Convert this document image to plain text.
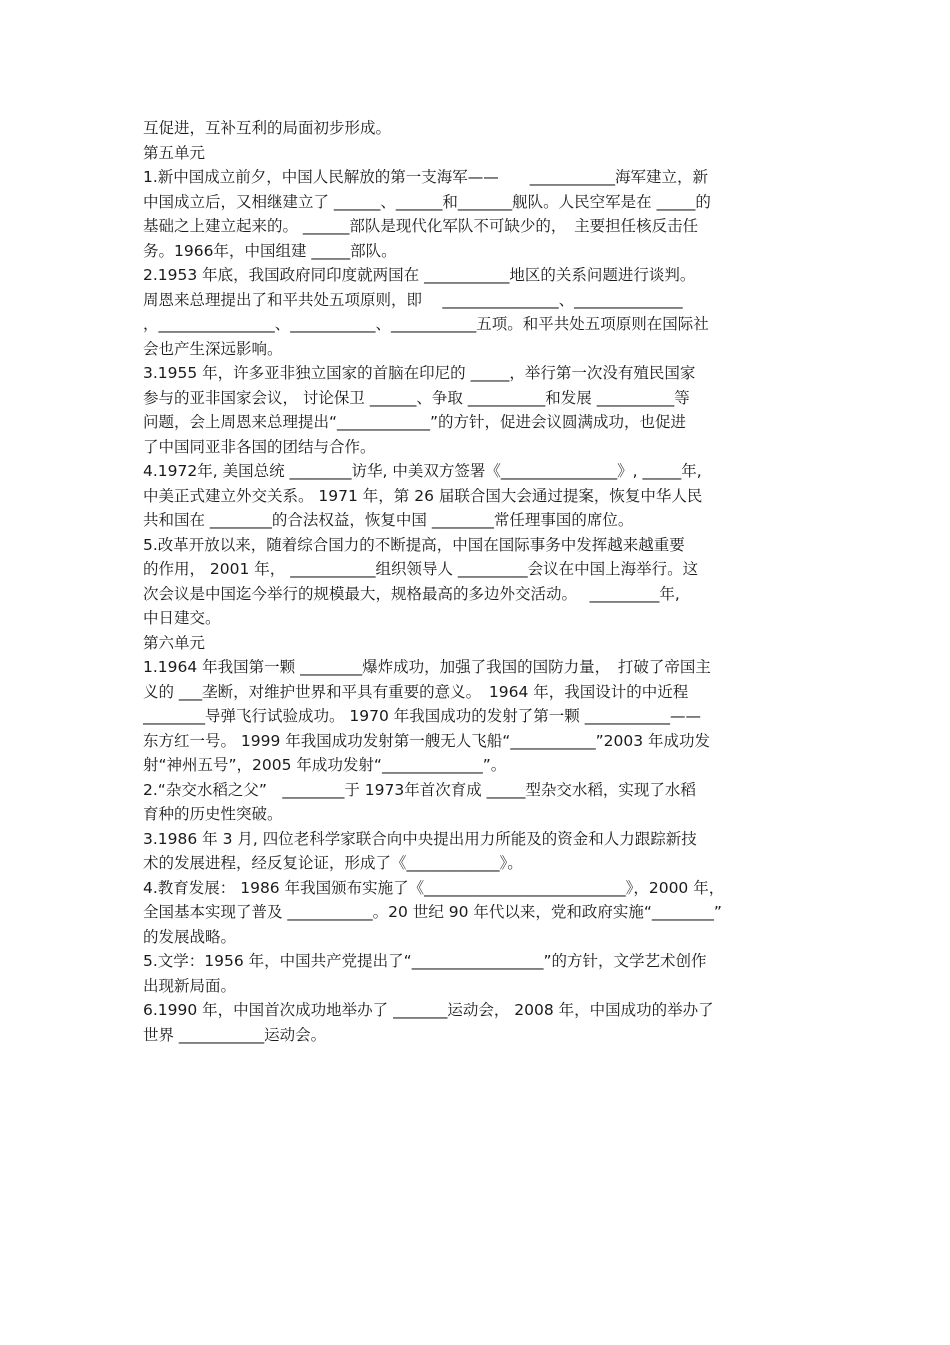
互促进，互补互利的局面初步形成。
第五单元
1.新中国成立前夕，中国人民解放的第一支海军——　　___________海军建立，新
中国成立后，又相继建立了 ______、______和_______舰队。人民空军是在 _____的
基础之上建立起来的。 ______部队是现代化军队不可缺少的，　主要担任核反击任
务。1966年，中国组建 _____部队。
2.1953 年底，我国政府同印度就两国在 ___________地区的关系问题进行谈判。
周恩来总理提出了和平共处五项原则，即　 _______________、______________
，_______________、___________、___________五项。和平共处五项原则在国际社
会也产生深远影响。
3.1955 年，许多亚非独立国家的首脑在印尼的 _____，举行第一次没有殖民国家
参与的亚非国家会议， 讨论保卫 ______、争取 __________和发展 __________等
问题，会上周恩来总理提出“____________”的方针，促进会议圆满成功，也促进
了中国同亚非各国的团结与合作。
4.1972年, 美国总统 ________访华, 中美双方签署《_______________》, _____年,
中美正式建立外交关系。 1971 年，第 26 届联合国大会通过提案，恢复中华人民
共和国在 ________的合法权益，恢复中国 ________常任理事国的席位。
5.改革开放以来，随着综合国力的不断提高，中国在国际事务中发挥越来越重要
的作用， 2001 年， ___________组织领导人 _________会议在中国上海举行。这
次会议是中国迄今举行的规模最大，规格最高的多边外交活动。　 _________年,
中日建交。
第六单元
1.1964 年我国第一颗 ________爆炸成功，加强了我国的国防力量，　打破了帝国主
义的 ___垄断，对维护世界和平具有重要的意义。　1964 年，我国设计的中近程
________导弹飞行试验成功。 1970 年我国成功的发射了第一颗 ___________——
东方红一号。 1999 年我国成功发射第一艘无人飞船“___________”2003 年成功发
射“神州五号”，2005 年成功发射“_____________”。
2.“杂交水稻之父”　________于 1973年首次育成 _____型杂交水稻，实现了水稻
育种的历史性突破。
3.1986 年 3 月, 四位老科学家联合向中央提出用力所能及的资金和人力跟踪新技
术的发展进程，经反复论证，形成了《____________》。
4.教育发展： 1986 年我国颁布实施了《__________________________》，2000 年，
全国基本实现了普及 ___________。20 世纪 90 年代以来，党和政府实施“________”
的发展战略。
5.文学：1956 年，中国共产党提出了“_________________”的方针，文学艺术创作
出现新局面。
6.1990 年，中国首次成功地举办了 _______运动会， 2008 年，中国成功的举办了
世界 ___________运动会。
